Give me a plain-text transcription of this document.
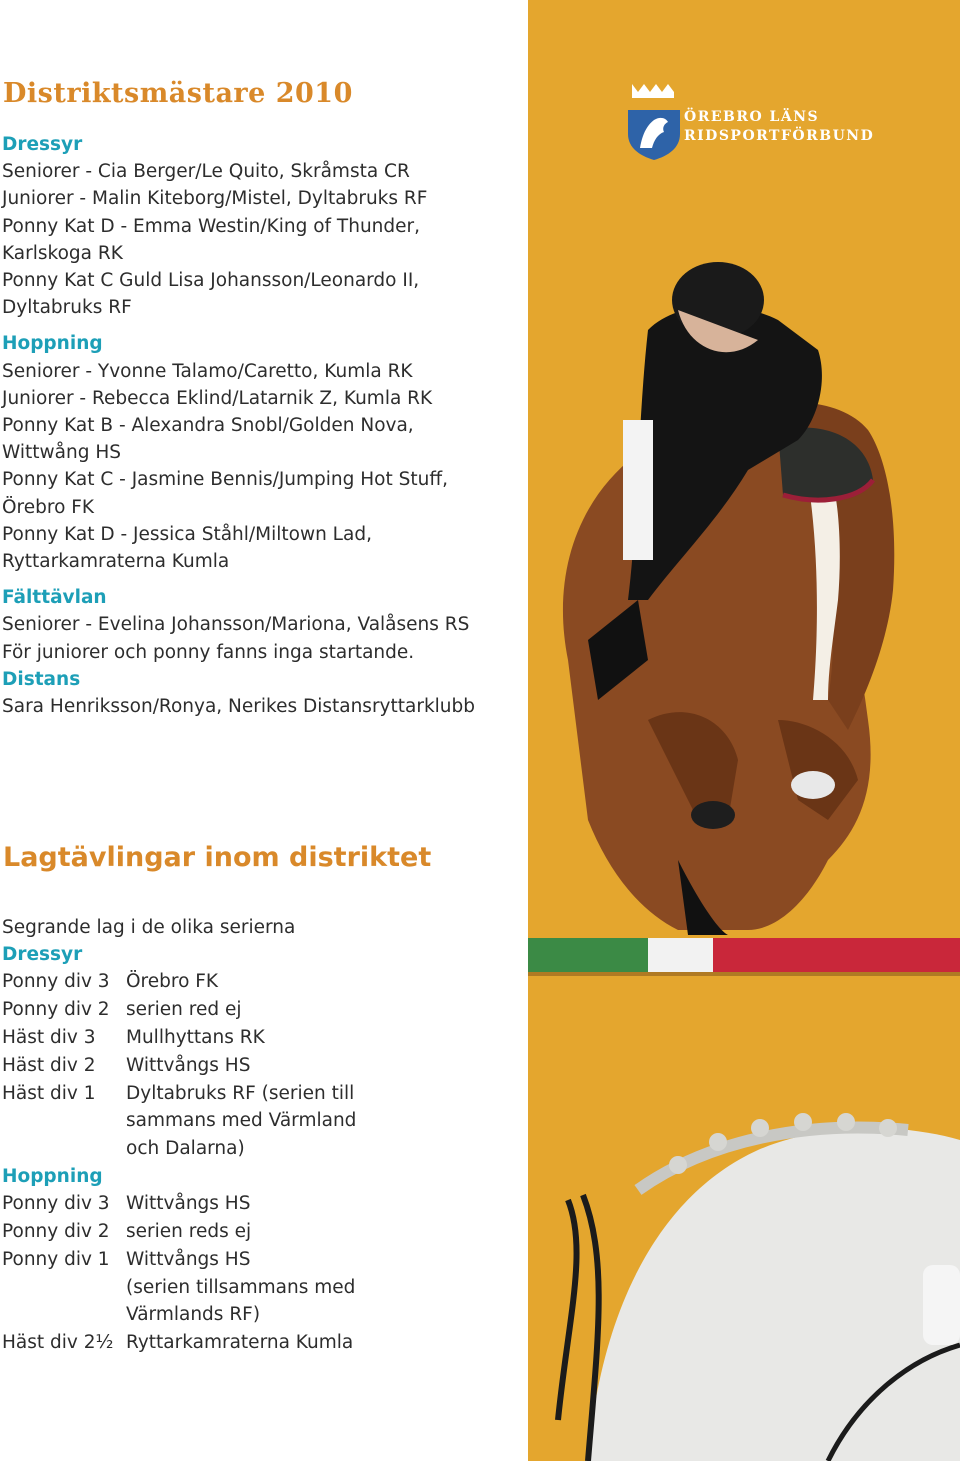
Distriktsmästare 2010
Dressyr
Seniorer - Cia Berger/Le Quito, Skråmsta CR
Juniorer - Malin Kiteborg/Mistel, Dyltabruks RF
Ponny Kat D - Emma Westin/King of Thunder,
Karlskoga RK
Ponny Kat C Guld Lisa Johansson/Leonardo II,
Dyltabruks RF
Hoppning
Seniorer - Yvonne Talamo/Caretto, Kumla RK
Juniorer - Rebecca Eklind/Latarnik Z, Kumla RK
Ponny Kat B - Alexandra Snobl/Golden Nova,
Wittwång HS
Ponny Kat C - Jasmine Bennis/Jumping Hot Stuff,
Örebro FK
Ponny Kat D - Jessica Ståhl/Miltown Lad,
Ryttarkamraterna Kumla
Fälttävlan
Seniorer - Evelina Johansson/Mariona, Valåsens RS
För juniorer och ponny fanns inga startande.
Distans
Sara Henriksson/Ronya, Nerikes Distansryttarklubb
Lagtävlingar inom distriktet
Segrande lag i de olika serierna
Dressyr
Ponny div 3 Örebro FK
Ponny div 2 serien red ej
Häst div 3	Mullhyttans RK
Häst div 2	Wittvångs HS
Häst div 1	Dyltabruks RF (serien till
sammans med Värmland
och Dalarna)
Hoppning
Ponny div 3 Wittvångs HS
Ponny div 2 serien reds ej
Ponny div 1 Wittvångs HS
(serien tillsammans med
Värmlands RF)
Häst div 2½ Ryttarkamraterna Kumla
ÖREBRO LÄNS
RIDSPORTFÖRBUND
